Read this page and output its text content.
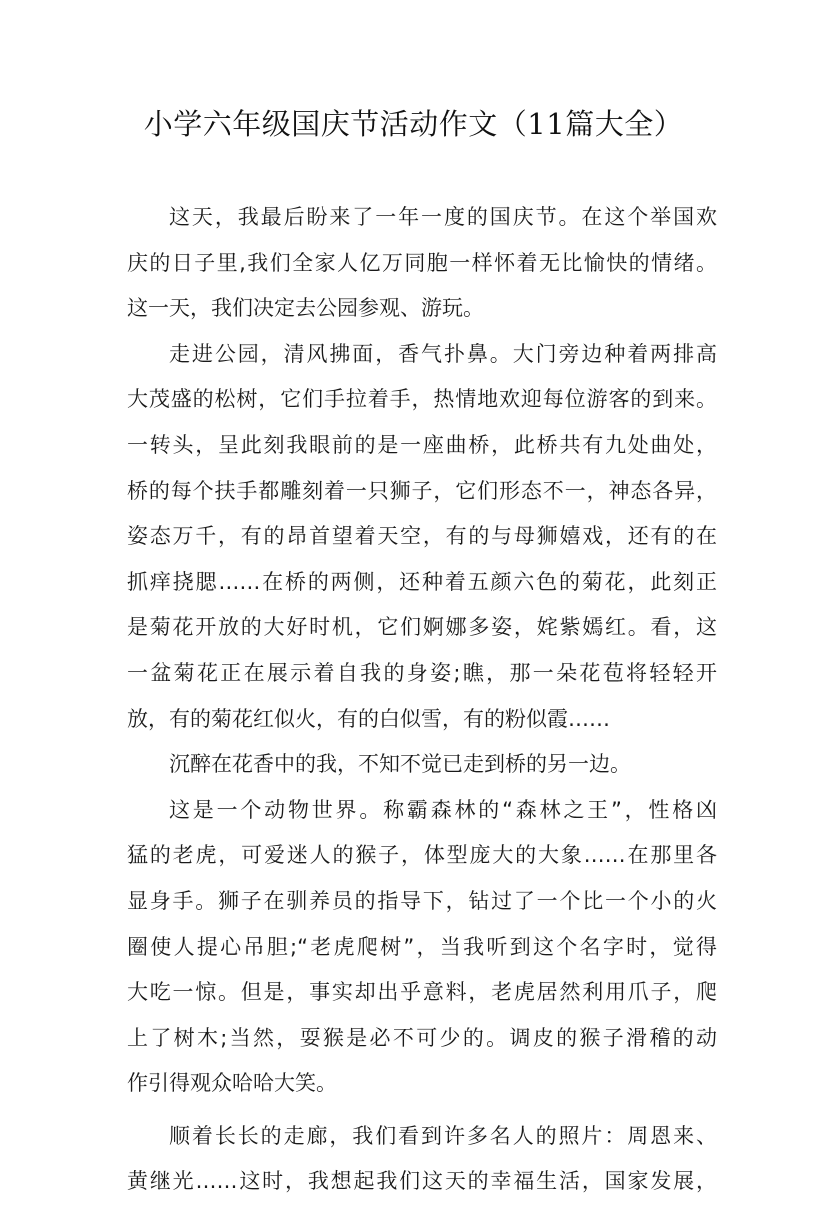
小学六年级国庆节活动作文（11篇大全）
这天，我最后盼来了一年一度的国庆节。在这个举国欢
庆的日子里,我们全家人亿万同胞一样怀着无比愉快的情绪。
这一天，我们决定去公园参观、游玩。
走进公园，清风拂面，香气扑鼻。大门旁边种着两排高
大茂盛的松树，它们手拉着手，热情地欢迎每位游客的到来。
一转头，呈此刻我眼前的是一座曲桥，此桥共有九处曲处，
桥的每个扶手都雕刻着一只狮子，它们形态不一，神态各异，
姿态万千，有的昂首望着天空，有的与母狮嬉戏，还有的在
抓痒挠腮……在桥的两侧，还种着五颜六色的菊花，此刻正
是菊花开放的大好时机，它们婀娜多姿，姹紫嫣红。看，这
一盆菊花正在展示着自我的身姿;瞧，那一朵花苞将轻轻开
放，有的菊花红似火，有的白似雪，有的粉似霞……
沉醉在花香中的我，不知不觉已走到桥的另一边。
这是一个动物世界。称霸森林的“森林之王”，性格凶
猛的老虎，可爱迷人的猴子，体型庞大的大象……在那里各
显身手。狮子在驯养员的指导下，钻过了一个比一个小的火
圈使人提心吊胆;“老虎爬树”，当我听到这个名字时，觉得
大吃一惊。但是，事实却出乎意料，老虎居然利用爪子，爬
上了树木;当然，耍猴是必不可少的。调皮的猴子滑稽的动
作引得观众哈哈大笑。
顺着长长的走廊，我们看到许多名人的照片：周恩来、
黄继光……这时，我想起我们这天的幸福生活，国家发展，
